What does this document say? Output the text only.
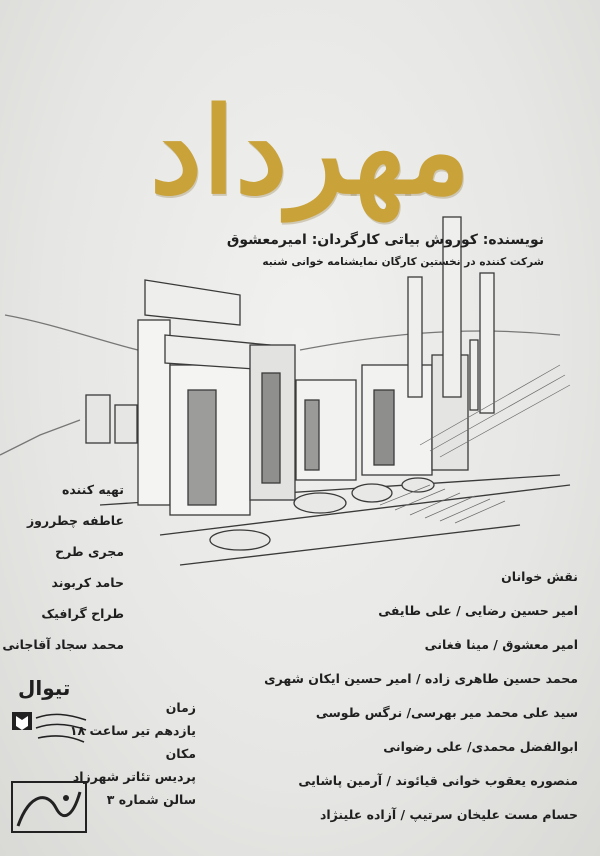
مهرداد
نویسنده: کوروش بیاتی کارگردان: امیرمعشوق
شرکت کننده در نخستین کارگان نمایشنامه خوانی شنبه
تهیه کننده
عاطفه چطرروز
مجری طرح
حامد کربوند
طراح گرافیک
محمد سجاد آقاجانی
نقش خوانان
امیر حسین رضایی / علی طایفی
امیر معشوق / مینا فغانی
محمد حسین طاهری زاده / امیر حسین ایکان شهری
سید علی محمد میر بهرسی/ نرگس طوسی
ابوالفضل محمدی/ علی رضوانی
منصوره یعقوب خوانی قیائوند / آرمین پاشایی
حسام مست علیخان سرتیپ / آزاده علینژاد
تیوال
زمان
یازدهم تیر ساعت ۱۸
مکان
پردیس تئاتر شهرزاد
سالن شماره ۳
